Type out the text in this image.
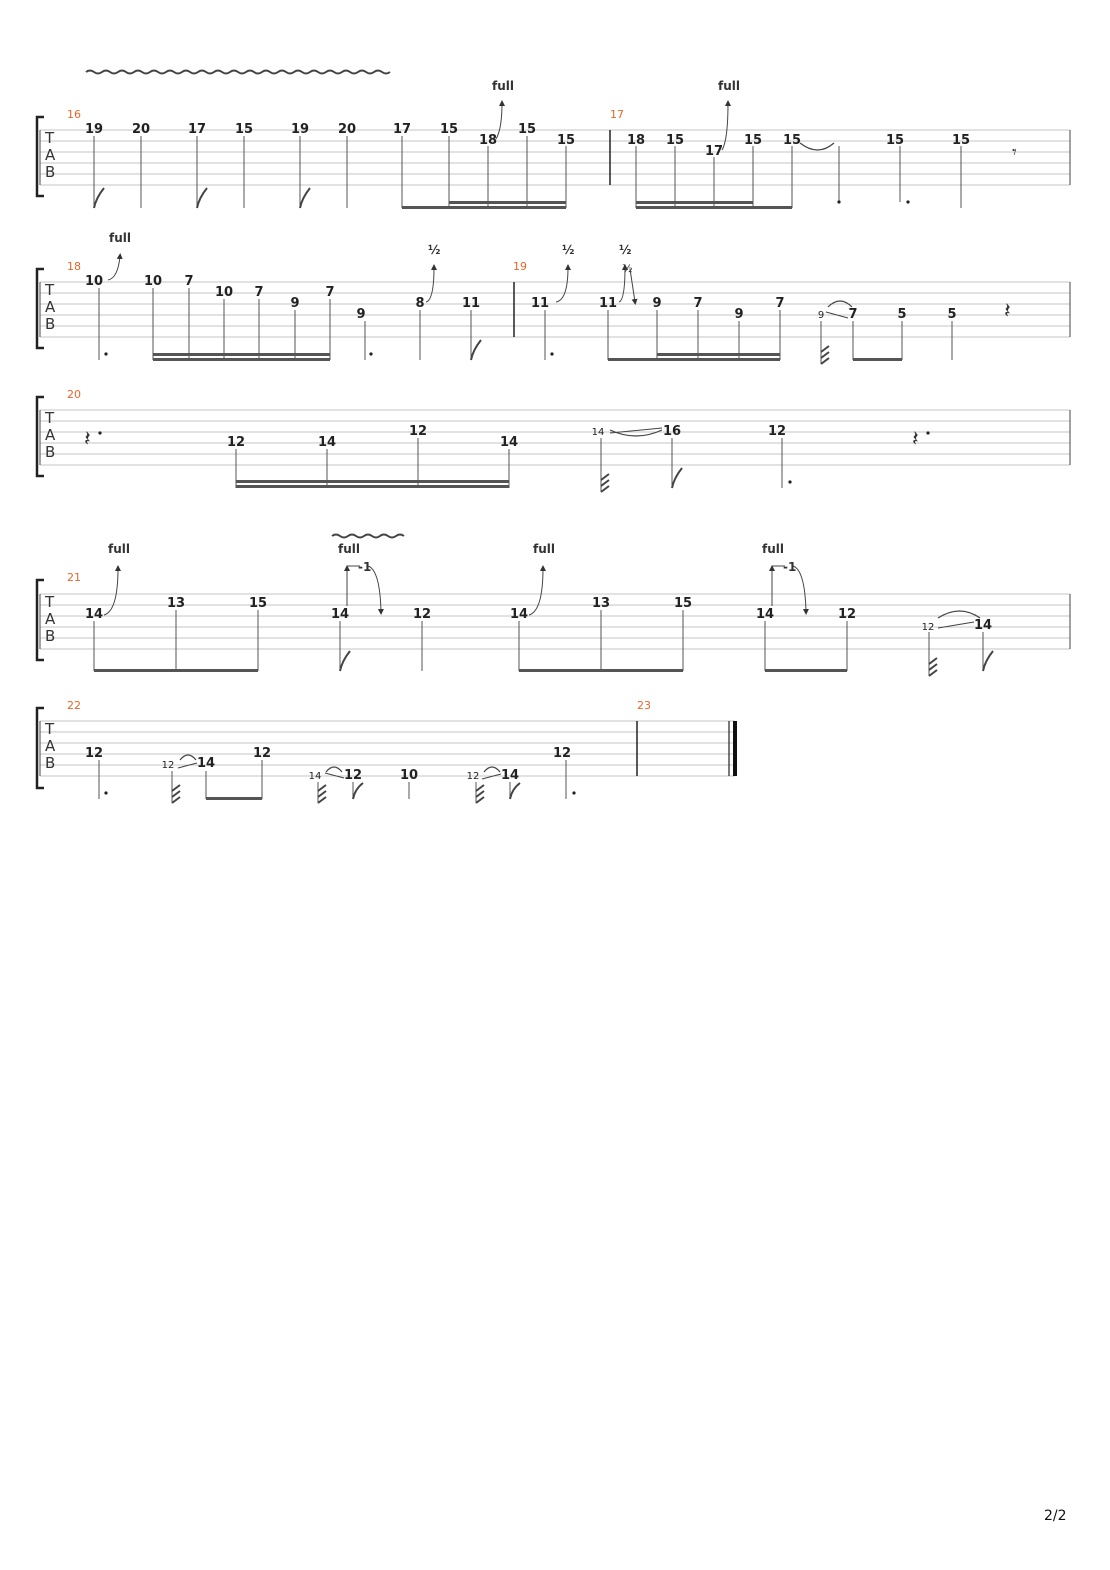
T
A
B
16	17
𝄾
full	full
19 20	17 15	19 20	17 15
18
15
15	18 15
17
15 15	15	15
T
A
B
18	19
𝄽
full
½	½	½
½
10	10 7
10 7
9
7
9
8	11	11	11	9 7
9
7
9 7	5	5
T
A
B
20
𝄽	𝄽
12	14
12
14
14	16	12
T
A
B
21
full	full
-1
full	full
-1
14
13	15
14	12	14
13	15
14	12
12	14
T
A
B
22	23
12
12 14
12
14 12	10	12 14
12
2/2
